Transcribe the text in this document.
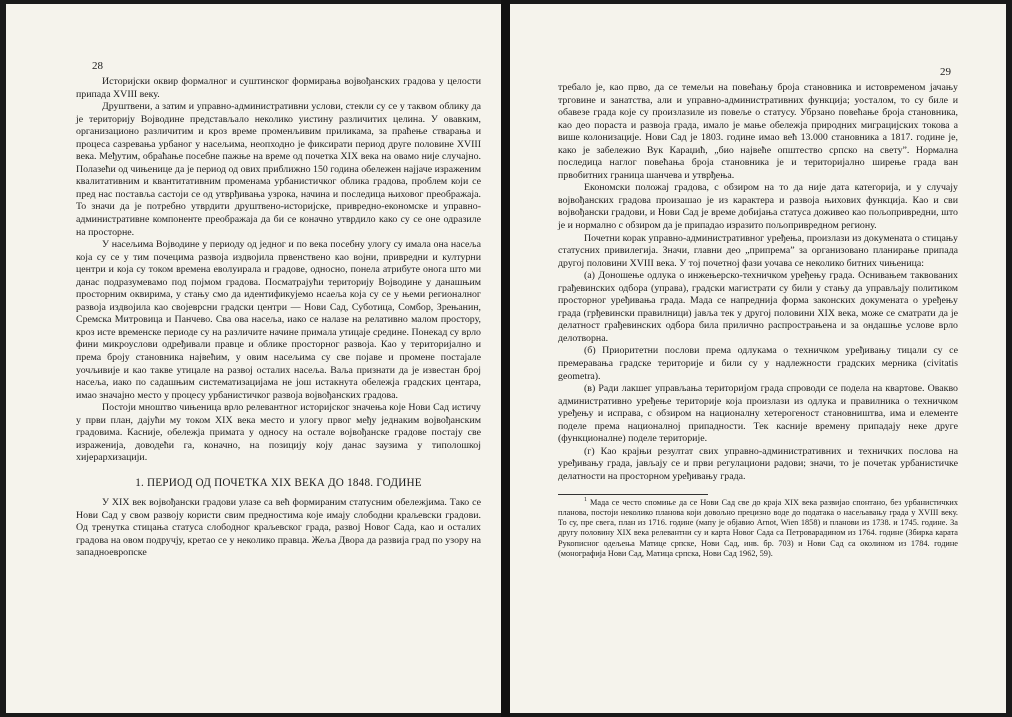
28

Историјски оквир формалног и суштинског формирања војвођанских градова у целости припада XVIII веку.

Друштвени, а затим и управно-административни услови, стекли су се у таквом облику да је територију Војводине представљало неколико уистину различитих целина. У овавким, организационо различитим и кроз време променљивим приликама, за праћење стварања и процеса сазревања урбаног у насељима, неопходно је фиксирати период друге половине XVIII века. Међутим, обраћање посебне пажње на време од почетка XIX века на овамо није случајно. Полазећи од чињенице да је период од ових приближно 150 година обележен најјаче израженим квалитативним и квантитативним променама урбанистичког облика градова, проблем који се пред нас поставља састоји се од утврђивања узрока, начина и последица њиховог преображаја. То значи да је потребно утврдити друштвено-историјске, привредно-економске и управно-административне компоненте преображаја да би се коначно утврдило како су се оне одразиле на просторне.

У насељима Војводине у периоду од једног и по века посебну улогу су имала она насеља која су се у тим почецима развоја издвојила првенствено као војни, привредни и културни центри и која су током времена еволуирала и градове, односно, понела атрибуте онога што ми данас подразумевамо под појмом градова. Посматрајући територију Војводине у данашњим просторним оквирима, у стању смо да идентификујемо нсаеља која су се у њеми регионалног развоја издвојила као својеврсни градски центри — Нови Сад, Суботица, Сомбор, Зрењанин, Сремска Митровица и Панчево. Сва ова насеља, иако се налазе на релативно малом простору, кроз исте временске периоде су на различите начине примала утицаје средине. Понекад су врло фини микроуслови одређивали правце и облике просторног развоја. Као у територијално и према броју становника највећим, у овим насељима су све појаве и промене постајале уочљивије и као такве утицале на развој осталих насеља. Ваља признати да је известан број насеља, иако по садашњим систематизацијама не још истакнута обележја градских центара, имао значајно место у процесу урбанистичког развоја војвођанских градова.

Постоји мноштво чињеница врло релевантног историјског значења које Нови Сад истичу у први план, дајући му током XIX века место и улогу првог међу једнаким војвођанским градовима. Касније, обележја примата у односу на остале војвођанске градове постају све израженија, доводећи га, коначно, на позицију коју данас заузима у типолошкој хијерархизацији.

1. ПЕРИОД ОД ПОЧЕТКА XIX ВЕКА ДО 1848. ГОДИНЕ

У XIX век војвођански градови улазе са већ формираним статусним обележјима. Тако се Нови Сад у свом развоју користи свим предностима које имају слободни краљевски градови. Од тренутка стицања статуса слободног краљевског града, развој Новог Сада, као и осталих градова на овом подручју, кретао се у неколико правца. Жеља Двора да развија град по узору на западноевропске

29

требало је, као прво, да се темељи на повећању броја становника и истовременом јачању трговине и занатства, али и управно-административних функција; уосталом, то су биле и обавезе града које су произлазиле из повеље о статусу. Убрзано повећање броја становника, као део пораста и развоја града, имало је мање обележја природних миграцијских токова а више колонизације. Нови Сад је 1803. године имао већ 13.000 становника а 1817. године је, како је забележио Вук Караџић, „био највеће општество српско на свету”. Нормална последица наглог повећања броја становника је и територијално ширење града ван првобитних граница шанчева и утврђења.

Економски положај градова, с обзиром на то да није дата категорија, и у случају војвођанских градова произашао је из карактера и развоја њихових функција. Као и сви војвођански градови, и Нови Сад је време добијања статуса доживео као пољопривредни, што је и нормално с обзиром да је припадао изразито пољопривредном региону.

Почетни корак управно-административног уређења, произлази из докумената о стицању статусних привилегија. Значи, главни део „припрема” за организовано планирање припада другој половини XVIII века. У тој почетној фази уочава се неколико битних чињеница:

(а) Доношење одлука о инжењерско-техничком уређењу града. Оснивањем таквованих грађевинских одбора (управа), градски магистрати су били у стању да управљају политиком просторног уређивања града. Мада се напредниjа форма законских докумената о уређењу града (грђевински правилници) јавља тек у другој половини XIX века, може се сматрати да је делатност грађевинских одбора била прилично распрострањена и за ондашње услове врло делотворна.

(б) Приоритетни послови према одлукама о техничком уређивању тицали су се премеравања градске територије и били су у надлежности градских мерника (civitatis geometra).

(в) Ради лакшег управљања територијом града спроводи се подела на квартове. Овакво административно уређење територије која произлази из одлука и правилника о техничком уређењу и иcправа, с обзиром на националну хетерогеност становништва, има и елементе поделе према националној припадности. Тек касније времену припадају неке друге (функционалне) поделе територије.

(г) Као крајњи резултат свих управно-административних и техничких послова на уређивању града, јављају се и први регулациони радови; значи, то је почетак урбанистичке делатности на просторном уређивању града.

$^1$ Мада се често спомиње да се Нови Сад све до краја XIX века развијао спонтано, без урбанистичких планова, постоји неколико планова који довољно прецизно воде до података о насељавању града у XVIII веку. То су, пре свега, план из 1716. године (мапу је објавио Arnot, Wien 1858) и планови из 1738. и 1745. године. За другу половину XIX века релевантни су и карта Новог Сада са Петроварадином из 1764. године (Збирка карата Рукописног одељења Матице српске, Нови Сад, инв. бр. 703) и Нови Сад са околином из 1784. године (монографија Нови Сад, Матица српска, Нови Сад 1962, 59).
